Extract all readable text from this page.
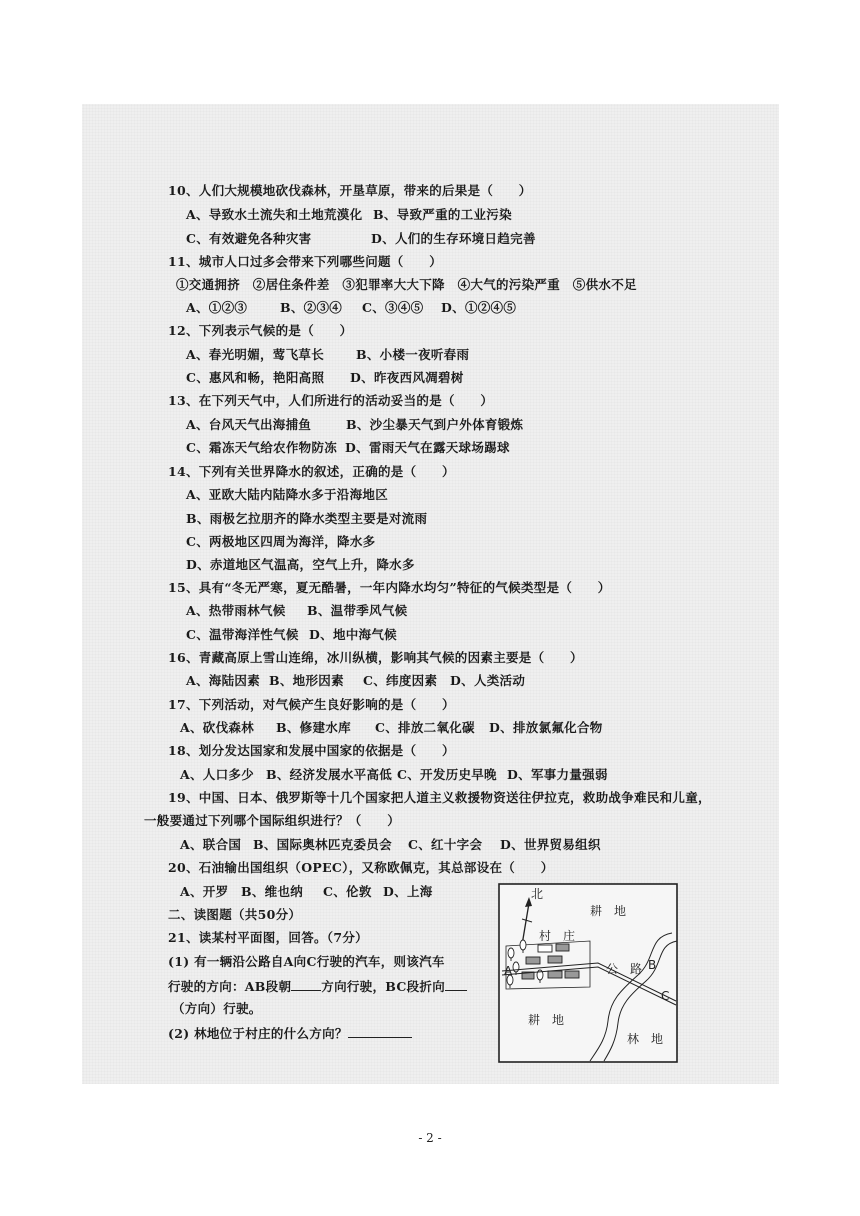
10、人们大规模地砍伐森林，开垦草原，带来的后果是（　　）
A、导致水土流失和土地荒漠化 B、导致严重的工业污染
C、有效避免各种灾害	D、人们的生存环境日趋完善
11、城市人口过多会带来下列哪些问题（　　）
①交通拥挤　②居住条件差　③犯罪率大大下降　④大气的污染严重　⑤供水不足
A、①②③	B、②③④ C、③④⑤ D、①②④⑤
12、下列表示气候的是（　　）
A、春光明媚，莺飞草长	B、小楼一夜听春雨
C、惠风和畅，艳阳高照 D、昨夜西风凋碧树
13、在下列天气中，人们所进行的活动妥当的是（　　）
A、台风天气出海捕鱼	B、沙尘暴天气到户外体育锻炼
C、霜冻天气给农作物防冻 D、雷雨天气在露天球场踢球
14、下列有关世界降水的叙述，正确的是（　　）
A、亚欧大陆内陆降水多于沿海地区
B、雨极乞拉朋齐的降水类型主要是对流雨
C、两极地区四周为海洋，降水多
D、赤道地区气温高，空气上升，降水多
15、具有“冬无严寒，夏无酷暑，一年内降水均匀”特征的气候类型是（　　）
A、热带雨林气候 B、温带季风气候
C、温带海洋性气候 D、地中海气候
16、青藏高原上雪山连绵，冰川纵横，影响其气候的因素主要是（　　）
A、海陆因素 B、地形因素 C、纬度因素 D、人类活动
17、下列活动，对气候产生良好影响的是（　　）
A、砍伐森林 B、修建水库 C、排放二氧化碳 D、排放氯氟化合物
18、划分发达国家和发展中国家的依据是（　　）
A、人口多少 B、经济发展水平高低 C、开发历史早晚 D、军事力量强弱
19、中国、日本、俄罗斯等十几个国家把人道主义救援物资送往伊拉克，救助战争难民和儿童，
一般要通过下列哪个国际组织进行？（　　）
A、联合国 B、国际奥林匹克委员会 C、红十字会 D、世界贸易组织
20、石油输出国组织（OPEC），又称欧佩克，其总部设在（　　）
A、开罗 B、维也纳 C、伦敦 D、上海
二、读图题（共50分）
21、读某村平面图，回答。（7分）
(1) 有一辆沿公路自A向C行驶的汽车，则该汽车
行驶的方向：AB段朝 方向行驶，BC段折向
（方向）行驶。
(2) 林地位于村庄的什么方向？
北
耕　地
村　庄
公　路
A	B
C
耕　地
林　地
- 2 -
